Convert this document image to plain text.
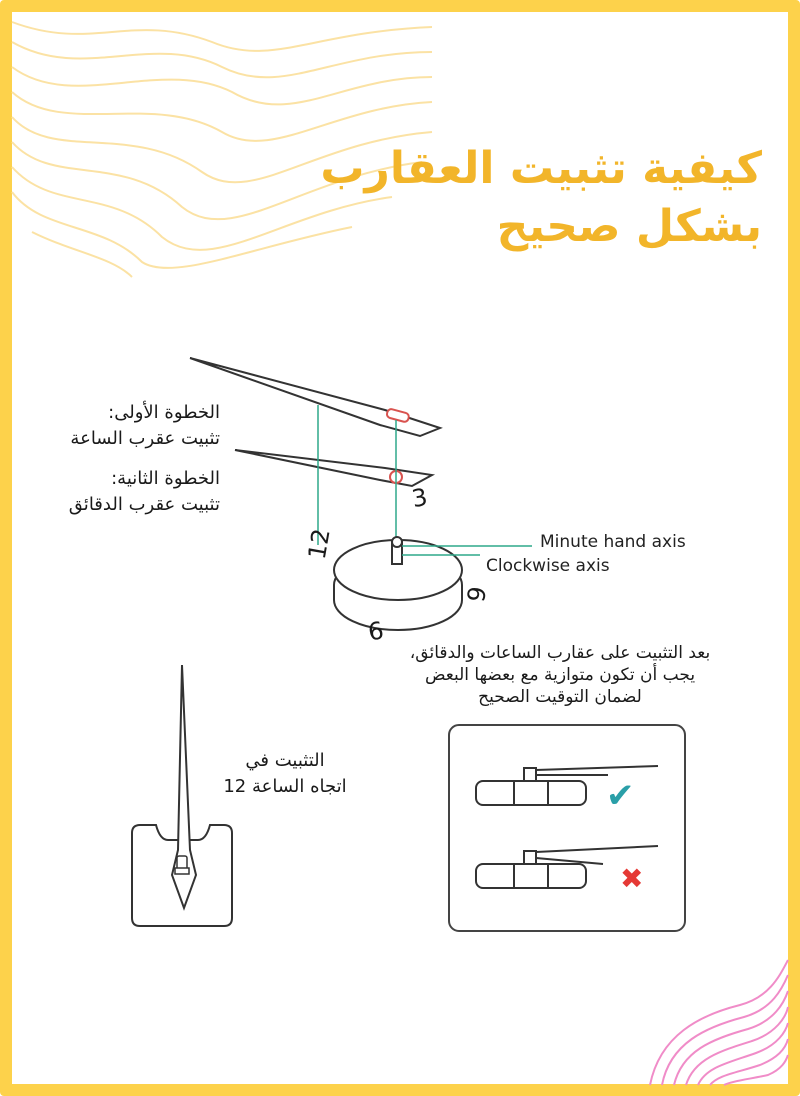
كيفية تثبيت العقارب
بشكل صحيح
الخطوة الأولى:
تثبيت عقرب الساعة
الخطوة الثانية:
تثبيت عقرب الدقائق
Minute hand axis
Clockwise axis
12
3
6
9
بعد التثبيت على عقارب الساعات والدقائق،
يجب أن تكون متوازية مع بعضها البعض
لضمان التوقيت الصحيح
التثبيت في
اتجاه الساعة 12	✔
✖
